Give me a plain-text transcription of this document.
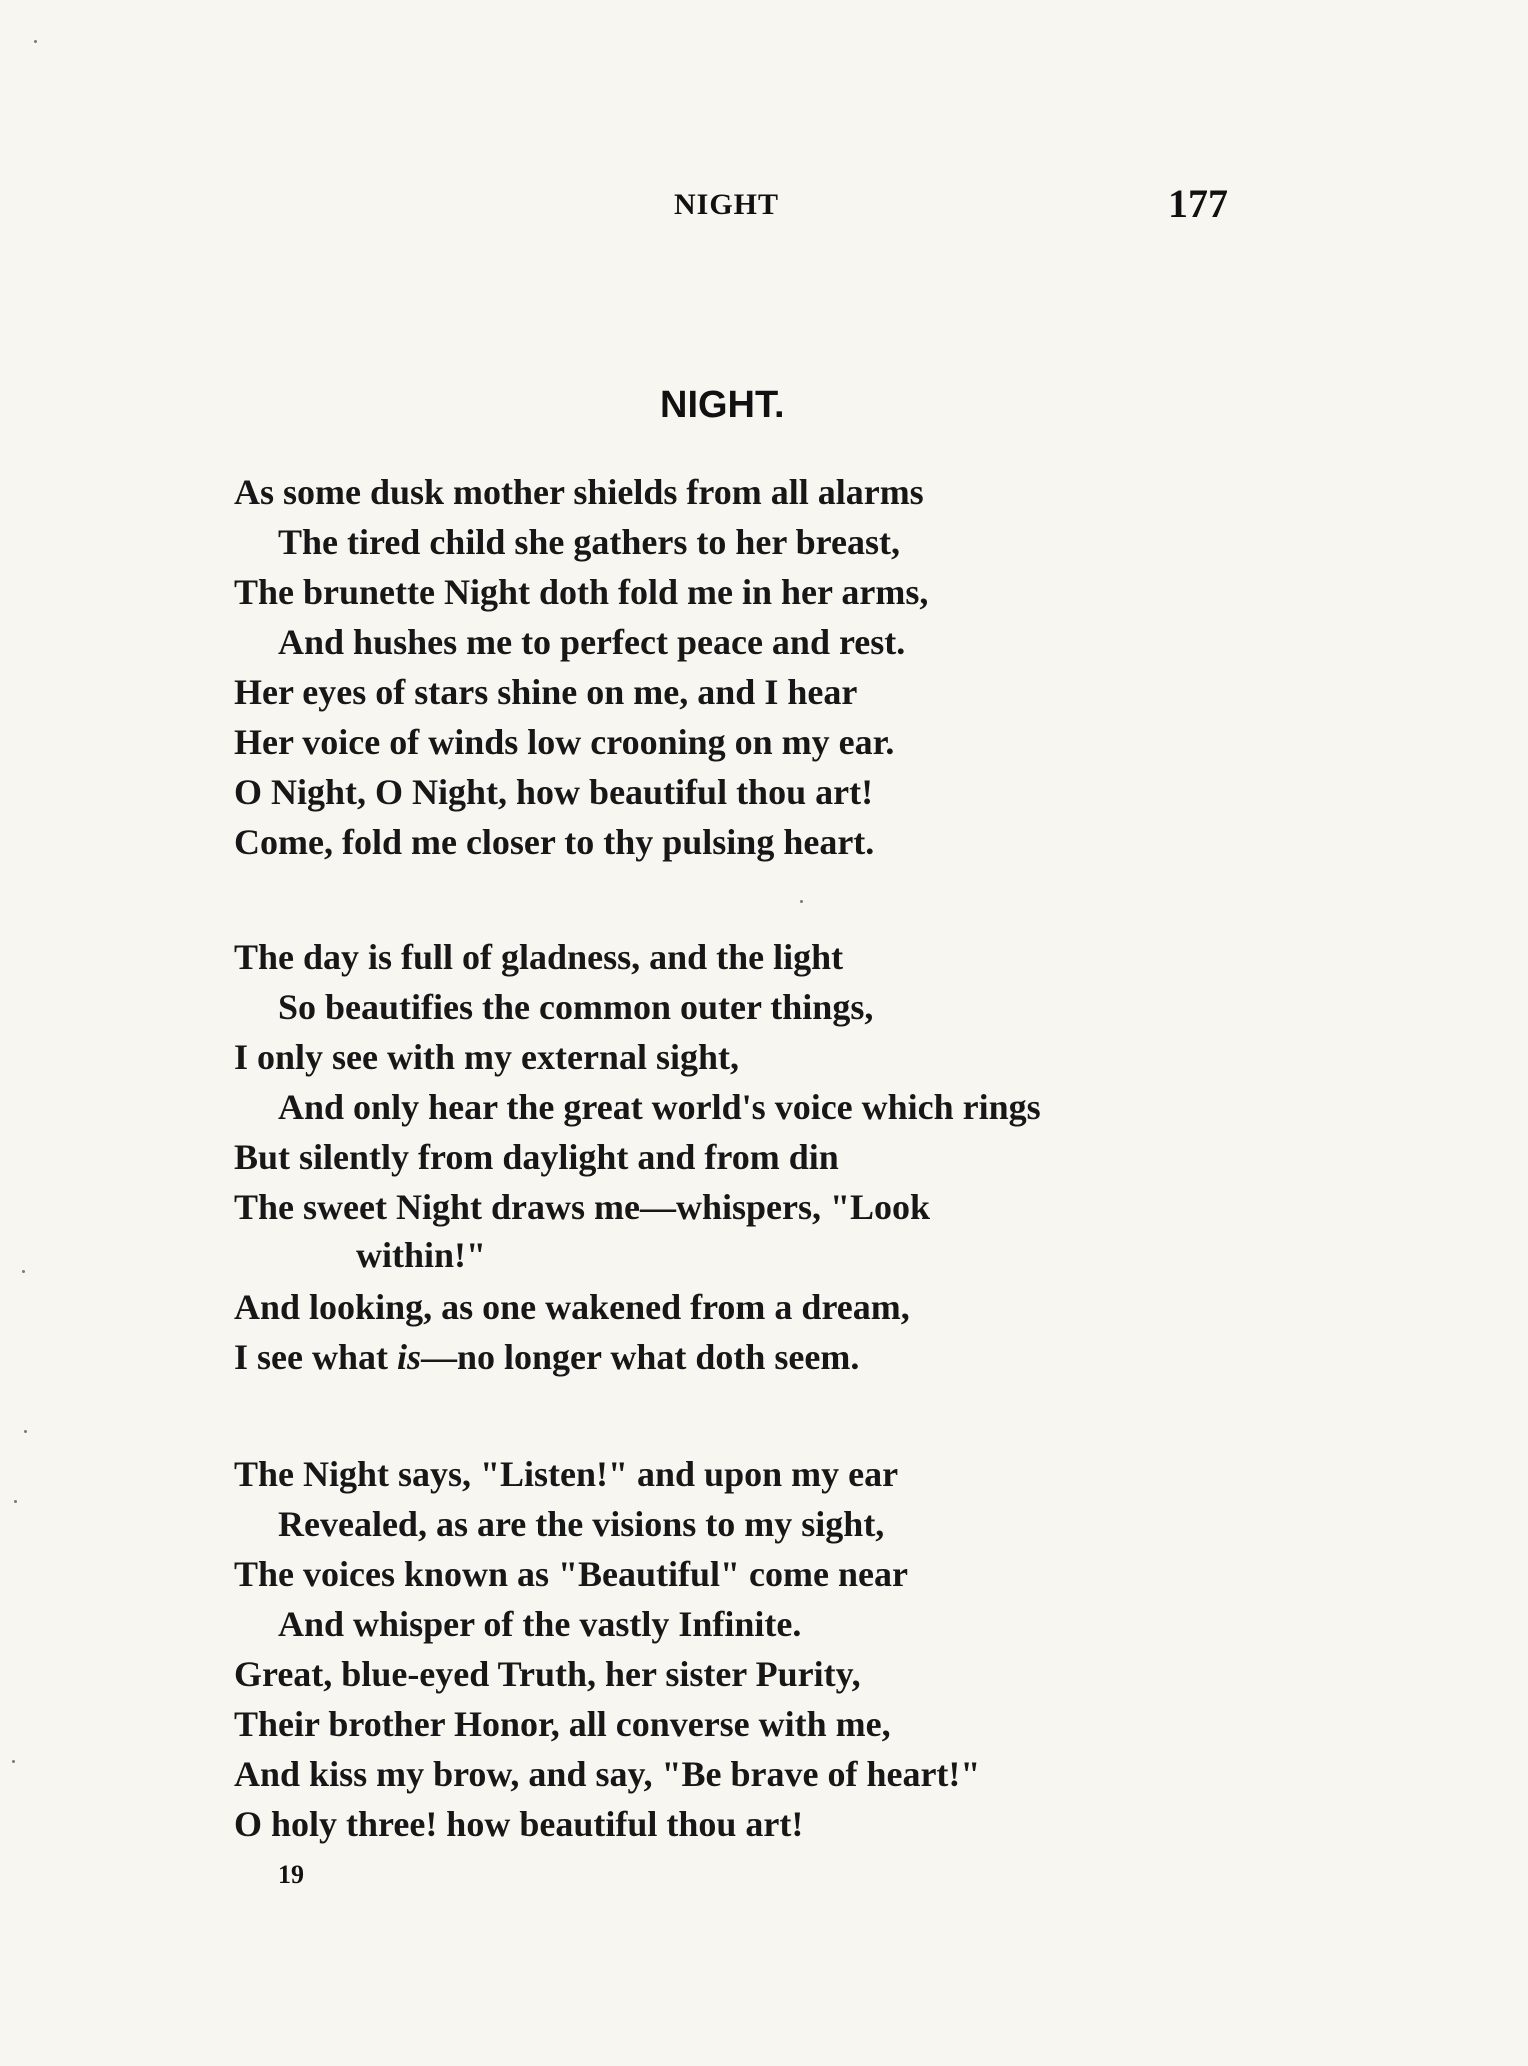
NIGHT	177
NIGHT.
As some dusk mother shields from all alarms
The tired child she gathers to her breast,
The brunette Night doth fold me in her arms,
And hushes me to perfect peace and rest.
Her eyes of stars shine on me, and I hear
Her voice of winds low crooning on my ear.
O Night, O Night, how beautiful thou art!
Come, fold me closer to thy pulsing heart.
The day is full of gladness, and the light
So beautifies the common outer things,
I only see with my external sight,
And only hear the great world's voice which rings
But silently from daylight and from din
The sweet Night draws me—whispers, "Look
within!"
And looking, as one wakened from a dream,
I see what is—no longer what doth seem.
The Night says, "Listen!" and upon my ear
Revealed, as are the visions to my sight,
The voices known as "Beautiful" come near
And whisper of the vastly Infinite.
Great, blue-eyed Truth, her sister Purity,
Their brother Honor, all converse with me,
And kiss my brow, and say, "Be brave of heart!"
O holy three! how beautiful thou art!
19
